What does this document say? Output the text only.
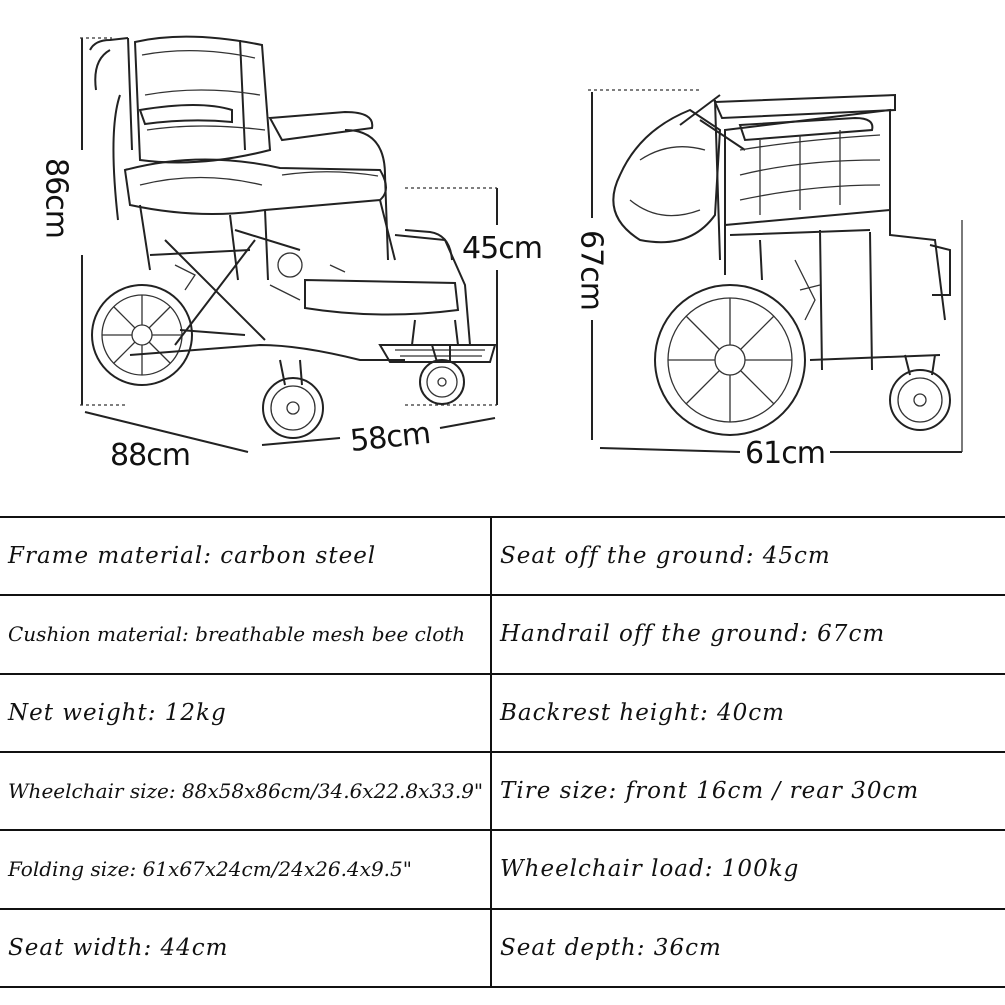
86cm
45cm
88cm	58cm
67cm
61cm
Frame material: carbon steel	Seat off the ground: 45cm
Cushion material: breathable mesh bee cloth	Handrail off the ground: 67cm
Net weight: 12kg	Backrest height: 40cm
Wheelchair size: 88x58x86cm/34.6x22.8x33.9"	Tire size: front 16cm / rear 30cm
Folding size: 61x67x24cm/24x26.4x9.5"	Wheelchair load: 100kg
Seat width: 44cm	Seat depth: 36cm
